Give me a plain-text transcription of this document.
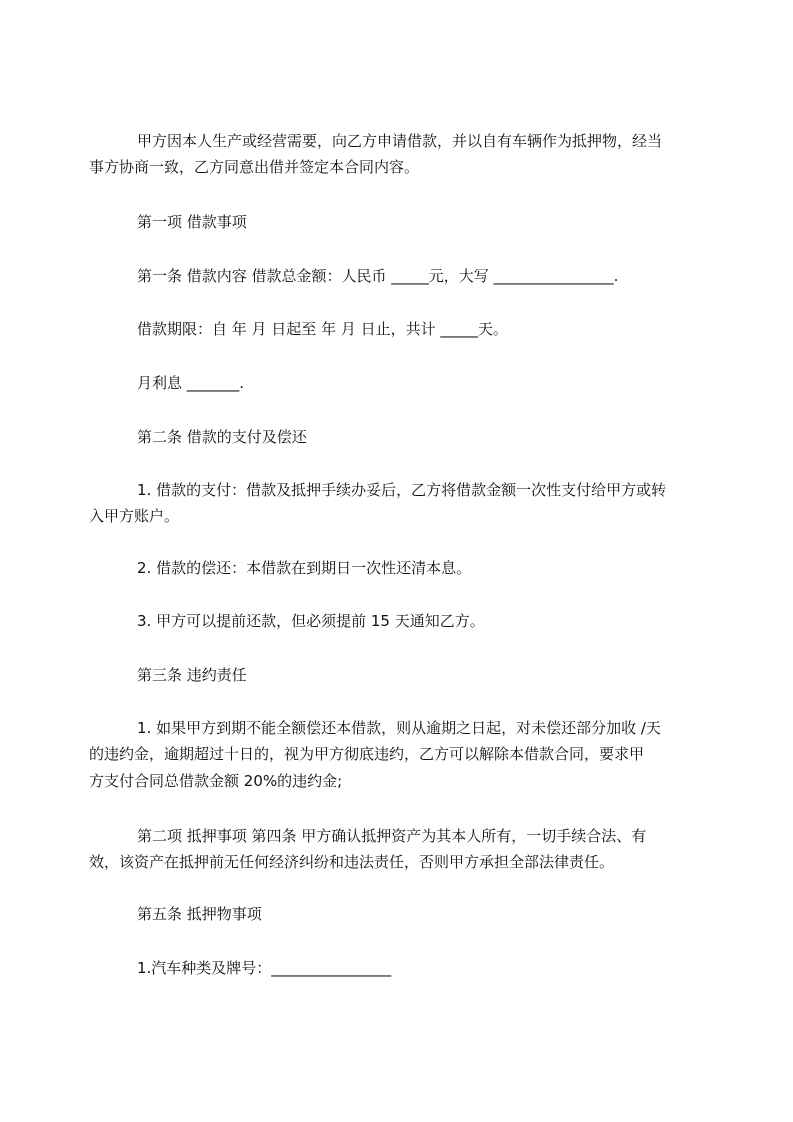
甲方因本人生产或经营需要，向乙方申请借款，并以自有车辆作为抵押物，经当
事方协商一致，乙方同意出借并签定本合同内容。
第一项 借款事项
第一条 借款内容 借款总金额：人民币 _____元，大写 ________________.
借款期限：自 年 月 日起至 年 月 日止，共计 _____天。
月利息 _______.
第二条 借款的支付及偿还
1. 借款的支付：借款及抵押手续办妥后，乙方将借款金额一次性支付给甲方或转
入甲方账户。
2. 借款的偿还：本借款在到期日一次性还清本息。
3. 甲方可以提前还款，但必须提前 15 天通知乙方。
第三条 违约责任
1. 如果甲方到期不能全额偿还本借款，则从逾期之日起，对未偿还部分加收 /天
的违约金，逾期超过十日的，视为甲方彻底违约，乙方可以解除本借款合同，要求甲
方支付合同总借款金额 20%的违约金;
第二项 抵押事项 第四条 甲方确认抵押资产为其本人所有，一切手续合法、有
效，该资产在抵押前无任何经济纠纷和违法责任，否则甲方承担全部法律责任。
第五条 抵押物事项
1.汽车种类及牌号：________________
